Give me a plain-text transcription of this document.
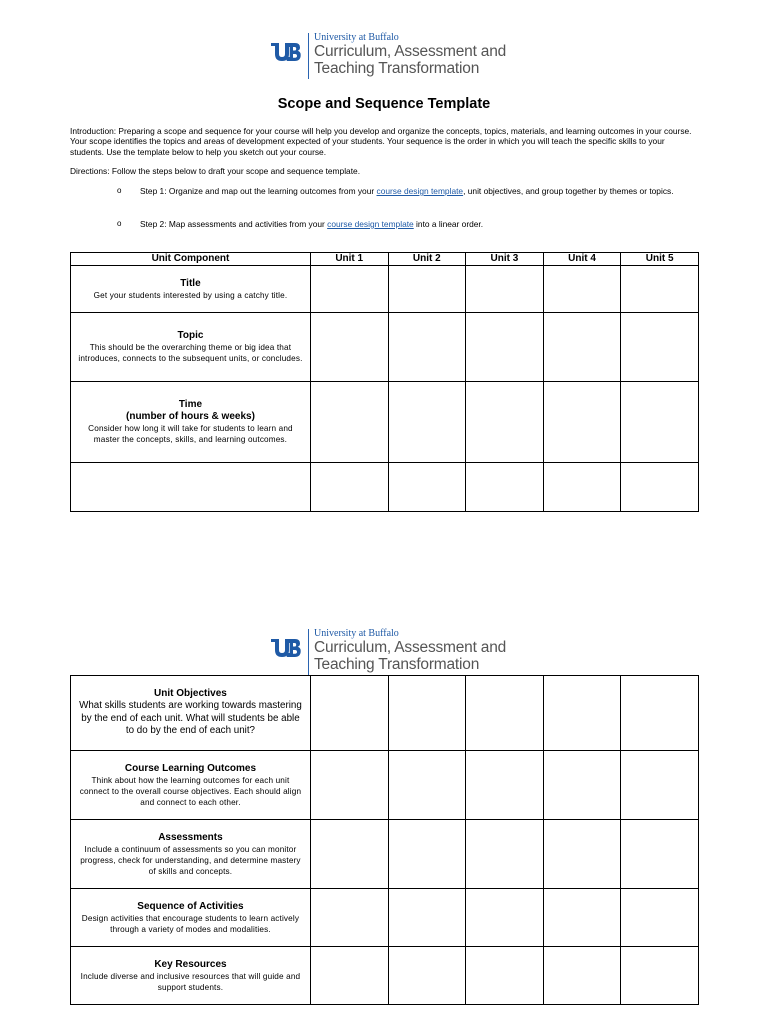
University at Buffalo
Curriculum, Assessment and
Teaching Transformation
Scope and Sequence Template
Introduction: Preparing a scope and sequence for your course will help you develop and organize the concepts, topics, materials, and learning outcomes in your course. Your scope identifies the topics and areas of development expected of your students. Your sequence is the order in which you will teach the specific skills to your students. Use the template below to help you sketch out your course.
Directions: Follow the steps below to draft your scope and sequence template.
o Step 1: Organize and map out the learning outcomes from your course design template, unit objectives, and group together by themes or topics.
o Step 2: Map assessments and activities from your course design template into a linear order.
Unit Component	Unit 1	Unit 2	Unit 3	Unit 4	Unit 5

Title
Get your students interested by using a catchy title.					

Topic
This should be the overarching theme or big idea that introduces, connects to the subsequent units, or concludes.					

Time
(number of hours & weeks)
Consider how long it will take for students to learn and master the concepts, skills, and learning outcomes.					

University at Buffalo
Curriculum, Assessment and
Teaching Transformation
Unit Objectives
What skills students are working towards mastering by the end of each unit. What will students be able to do by the end of each unit?					

Course Learning Outcomes
Think about how the learning outcomes for each unit connect to the overall course objectives. Each should align and connect to each other.					

Assessments
Include a continuum of assessments so you can monitor progress, check for understanding, and determine mastery of skills and concepts.					

Sequence of Activities
Design activities that encourage students to learn actively through a variety of modes and modalities.					

Key Resources
Include diverse and inclusive resources that will guide and support students.					
